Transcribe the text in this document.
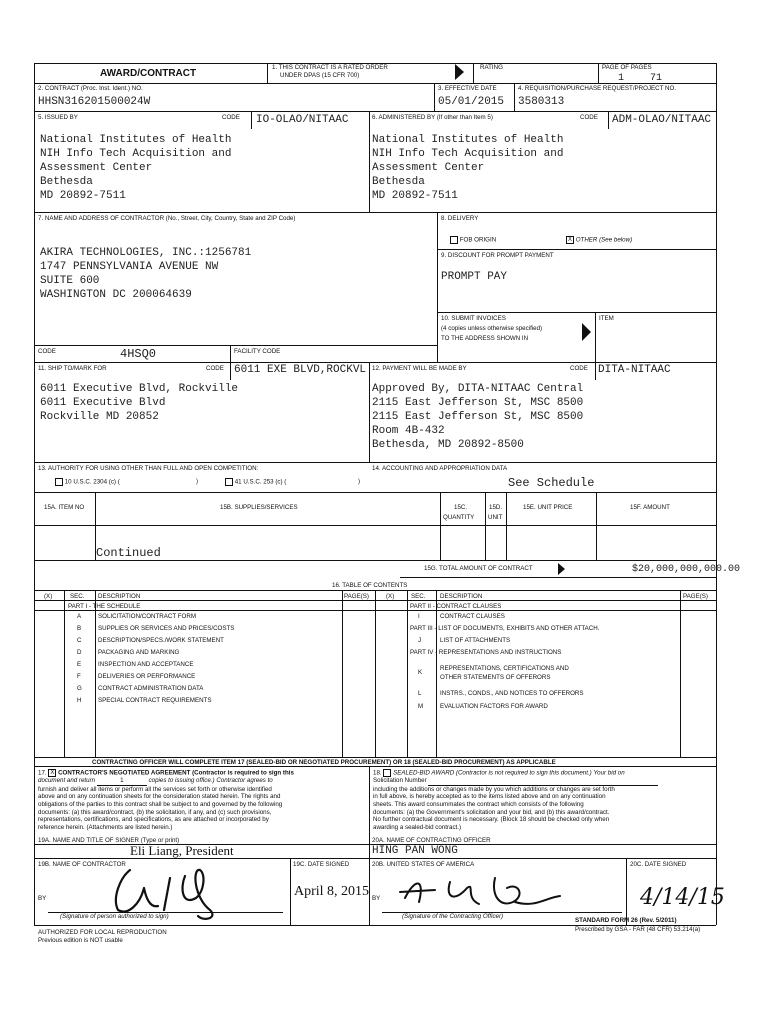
AWARD/CONTRACT
1. THIS CONTRACT IS A RATED ORDER
UNDER DPAS (15 CFR 700)
RATING	PAGE OF PAGES
1	71
2. CONTRACT (Proc. Inst. Ident.) NO.
HHSN316201500024W
3. EFFECTIVE DATE
05/01/2015
4. REQUISITION/PURCHASE REQUEST/PROJECT NO.
3580313
5. ISSUED BY	CODE IO-OLAO/NITAAC
National Institutes of Health
NIH Info Tech Acquisition and
Assessment Center
Bethesda
MD 20892-7511
6. ADMINISTERED BY (If other than Item 5)	CODE ADM-OLAO/NITAAC
National Institutes of Health
NIH Info Tech Acquisition and
Assessment Center
Bethesda
MD 20892-7511
7. NAME AND ADDRESS OF CONTRACTOR (No., Street, City, Country, State and ZIP Code)
AKIRA TECHNOLOGIES, INC.:1256781
1747 PENNSYLVANIA AVENUE NW
SUITE 600
WASHINGTON DC 200064639
CODE	4HSQ0	FACILITY CODE
8. DELIVERY
FOB ORIGIN	X OTHER (See below)
9. DISCOUNT FOR PROMPT PAYMENT
PROMPT PAY
10. SUBMIT INVOICES
(4 copies unless otherwise specified)
TO THE ADDRESS SHOWN IN
ITEM
11. SHIP TO/MARK FOR	CODE 6011 EXE BLVD,ROCKVL
6011 Executive Blvd, Rockville
6011 Executive Blvd
Rockville MD 20852
12. PAYMENT WILL BE MADE BY	CODE DITA-NITAAC
Approved By, DITA-NITAAC Central
2115 East Jefferson St, MSC 8500
2115 East Jefferson St, MSC 8500
Room 4B-432
Bethesda, MD 20892-8500
13. AUTHORITY FOR USING OTHER THAN FULL AND OPEN COMPETITION:
10 U.S.C. 2304 (c) (	)	41 U.S.C. 253 (c) (	)
14. ACCOUNTING AND APPROPRIATION DATA
See Schedule
15A. ITEM NO	15B. SUPPLIES/SERVICES	15C.
QUANTITY
15D.
UNIT
15E. UNIT PRICE	15F. AMOUNT
Continued
15G. TOTAL AMOUNT OF CONTRACT	$20,000,000,000.00
16. TABLE OF CONTENTS
(X)	SEC. DESCRIPTION	PAGE(S)	(X)	SEC. DESCRIPTION	PAGE(S)
PART I - THE SCHEDULE	PART II - CONTRACT CLAUSES
A	SOLICITATION/CONTRACT FORM
B	SUPPLIES OR SERVICES AND PRICES/COSTS
C	DESCRIPTION/SPECS./WORK STATEMENT
D	PACKAGING AND MARKING
E	INSPECTION AND ACCEPTANCE
F	DELIVERIES OR PERFORMANCE
G	CONTRACT ADMINISTRATION DATA
H	SPECIAL CONTRACT REQUIREMENTS
I	CONTRACT CLAUSES
PART III - LIST OF DOCUMENTS, EXHIBITS AND OTHER ATTACH.
J	LIST OF ATTACHMENTS
PART IV - REPRESENTATIONS AND INSTRUCTIONS
K
REPRESENTATIONS, CERTIFICATIONS AND
OTHER STATEMENTS OF OFFERORS
L	INSTRS., CONDS., AND NOTICES TO OFFERORS
M	EVALUATION FACTORS FOR AWARD
CONTRACTING OFFICER WILL COMPLETE ITEM 17 (SEALED-BID OR NEGOTIATED PROCUREMENT) OR 18 (SEALED-BID PROCUREMENT) AS APPLICABLE
17. X CONTRACTOR'S NEGOTIATED AGREEMENT (Contractor is required to sign this
document and return	1	copies to issuing office.) Contractor agrees to
furnish and deliver all items or perform all the services set forth or otherwise identified
above and on any continuation sheets for the consideration stated herein. The rights and
obligations of the parties to this contract shall be subject to and governed by the following
documents: (a) this award/contract, (b) the solicitation, if any, and (c) such provisions,
representations, certifications, and specifications, as are attached or incorporated by
reference herein. (Attachments are listed herein.)
18. SEALED-BID AWARD (Contractor is not required to sign this document.) Your bid on
Solicitation Number
including the additions or changes made by you which additions or changes are set forth
in full above, is hereby accepted as to the items listed above and on any continuation
sheets. This award consummates the contract which consists of the following
documents: (a) the Government's solicitation and your bid, and (b) this award/contract.
No further contractual document is necessary. (Block 18 should be checked only when
awarding a sealed-bid contract.)
19A. NAME AND TITLE OF SIGNER (Type or print)
Eli Liang, President
20A. NAME OF CONTRACTING OFFICER
HING PAN WONG
19B. NAME OF CONTRACTOR	19C. DATE SIGNED
April 8, 2015
20B. UNITED STATES OF AMERICA	20C. DATE SIGNED
4/14/15
BY	BY
(Signature of person authorized to sign)	(Signature of the Contracting Officer)
AUTHORIZED FOR LOCAL REPRODUCTION
Previous edition is NOT usable
STANDARD FORM 26 (Rev. 5/2011)
Prescribed by GSA - FAR (48 CFR) 53.214(a)
